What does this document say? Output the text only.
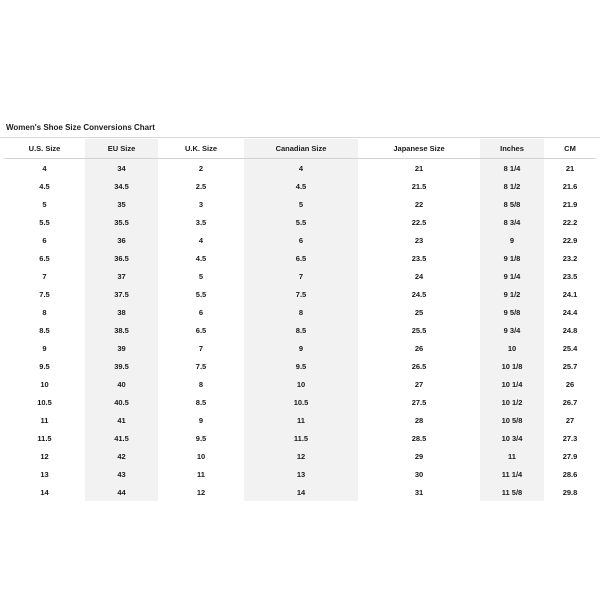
Women's Shoe Size Conversions Chart
U.S. Size	EU Size	U.K. Size	Canadian Size	Japanese Size	Inches	CM
4	34	2	4	21	8 1/4	21
4.5	34.5	2.5	4.5	21.5	8 1/2	21.6
5	35	3	5	22	8 5/8	21.9
5.5	35.5	3.5	5.5	22.5	8 3/4	22.2
6	36	4	6	23	9	22.9
6.5	36.5	4.5	6.5	23.5	9 1/8	23.2
7	37	5	7	24	9 1/4	23.5
7.5	37.5	5.5	7.5	24.5	9 1/2	24.1
8	38	6	8	25	9 5/8	24.4
8.5	38.5	6.5	8.5	25.5	9 3/4	24.8
9	39	7	9	26	10	25.4
9.5	39.5	7.5	9.5	26.5	10 1/8	25.7
10	40	8	10	27	10 1/4	26
10.5	40.5	8.5	10.5	27.5	10 1/2	26.7
11	41	9	11	28	10 5/8	27
11.5	41.5	9.5	11.5	28.5	10 3/4	27.3
12	42	10	12	29	11	27.9
13	43	11	13	30	11 1/4	28.6
14	44	12	14	31	11 5/8	29.8
